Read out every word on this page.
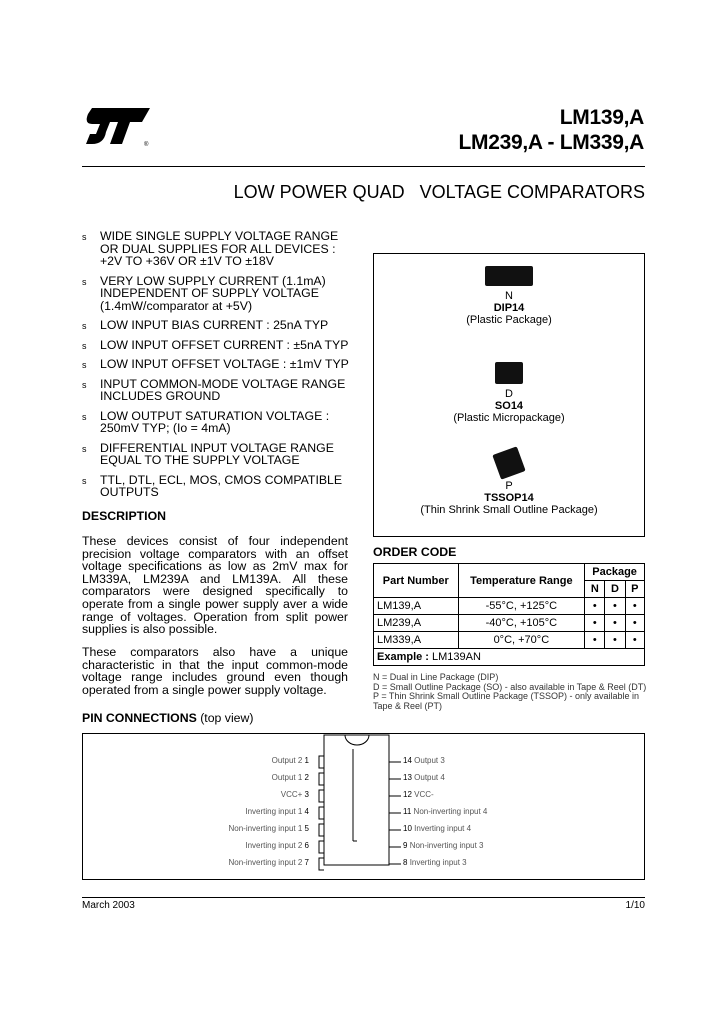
®
LM139,A
LM239,A - LM339,A
LOW POWER QUAD   VOLTAGE COMPARATORS
s WIDE SINGLE SUPPLY VOLTAGE RANGE
OR DUAL SUPPLIES FOR ALL DEVICES :
+2V TO +36V OR ±1V TO ±18V
s VERY LOW SUPPLY CURRENT (1.1mA)
INDEPENDENT OF SUPPLY VOLTAGE
(1.4mW/comparator at +5V)
s LOW INPUT BIAS CURRENT : 25nA TYP
s LOW INPUT OFFSET CURRENT : ±5nA TYP
s LOW INPUT OFFSET VOLTAGE : ±1mV TYP
s INPUT COMMON-MODE VOLTAGE RANGE
INCLUDES GROUND
s LOW OUTPUT SATURATION VOLTAGE :
250mV TYP; (Io = 4mA)
s DIFFERENTIAL INPUT VOLTAGE RANGE
EQUAL TO THE SUPPLY VOLTAGE
s TTL, DTL, ECL, MOS, CMOS COMPATIBLE
OUTPUTS
DESCRIPTION
These devices consist of four independent precision voltage comparators with an offset voltage specifications as low as 2mV max for LM339A, LM239A and LM139A. All these comparators were designed specifically to operate from a single power supply aver a wide range of voltages. Operation from split power supplies is also possible.
These comparators also have a unique characteristic in that the input common-mode voltage range includes ground even though operated from a single power supply voltage.
PIN CONNECTIONS (top view)
N
DIP14
(Plastic Package)
D
SO14
(Plastic Micropackage)
P
TSSOP14
(Thin Shrink Small Outline Package)
ORDER CODE
Part Number	Temperature Range	Package		
		N	D	P
LM139,A	-55°C, +125°C	•	•	•
LM239,A	-40°C, +105°C	•	•	•
LM339,A	0°C, +70°C	•	•	•
Example : LM139AN				
N = Dual in Line Package (DIP)
D = Small Outline Package (SO) - also available in Tape & Reel (DT)
P = Thin Shrink Small Outline Package (TSSOP) - only available in Tape & Reel (PT)
Output 2 1	14 Output 3
Output 1 2	13 Output 4
VCC+ 3	12 VCC-
Inverting input 1 4	11 Non-inverting input 4
Non-inverting input 1 5	10 Inverting input 4
Inverting input 2 6	9 Non-inverting input 3
Non-inverting input 2 7	8 Inverting input 3
March 2003	1/10
